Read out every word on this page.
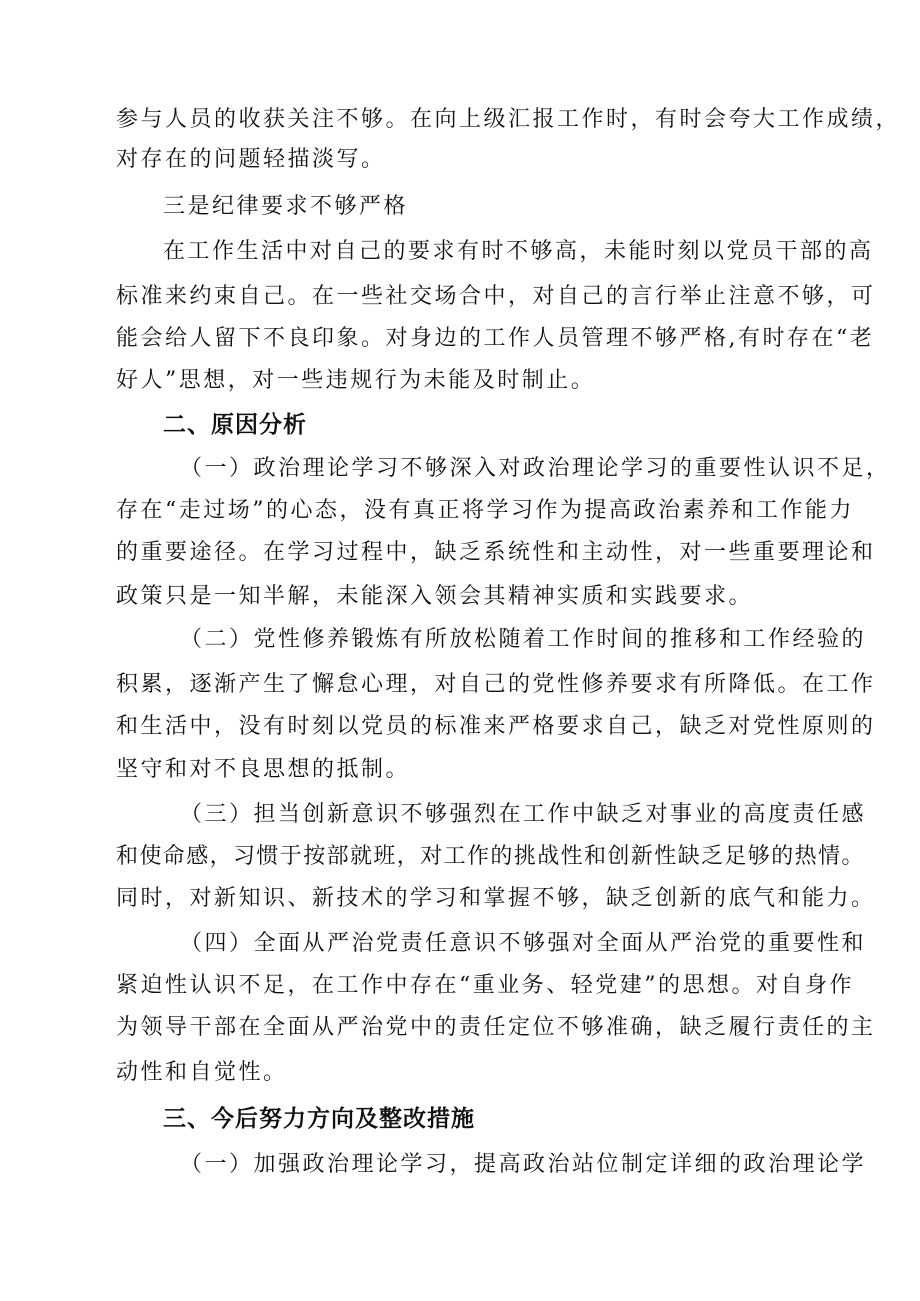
参与人员的收获关注不够。在向上级汇报工作时，有时会夸大工作成绩，
对存在的问题轻描淡写。
三是纪律要求不够严格
在工作生活中对自己的要求有时不够高，未能时刻以党员干部的高
标准来约束自己。在一些社交场合中，对自己的言行举止注意不够，可
能会给人留下不良印象。对身边的工作人员管理不够严格,有时存在“老
好人”思想，对一些违规行为未能及时制止。
二、原因分析
（一）政治理论学习不够深入对政治理论学习的重要性认识不足，
存在“走过场”的心态，没有真正将学习作为提高政治素养和工作能力
的重要途径。在学习过程中，缺乏系统性和主动性，对一些重要理论和
政策只是一知半解，未能深入领会其精神实质和实践要求。
（二）党性修养锻炼有所放松随着工作时间的推移和工作经验的
积累，逐渐产生了懈怠心理，对自己的党性修养要求有所降低。在工作
和生活中，没有时刻以党员的标准来严格要求自己，缺乏对党性原则的
坚守和对不良思想的抵制。
（三）担当创新意识不够强烈在工作中缺乏对事业的高度责任感
和使命感，习惯于按部就班，对工作的挑战性和创新性缺乏足够的热情。
同时，对新知识、新技术的学习和掌握不够，缺乏创新的底气和能力。
（四）全面从严治党责任意识不够强对全面从严治党的重要性和
紧迫性认识不足，在工作中存在“重业务、轻党建”的思想。对自身作
为领导干部在全面从严治党中的责任定位不够准确，缺乏履行责任的主
动性和自觉性。
三、今后努力方向及整改措施
（一）加强政治理论学习，提高政治站位制定详细的政治理论学
